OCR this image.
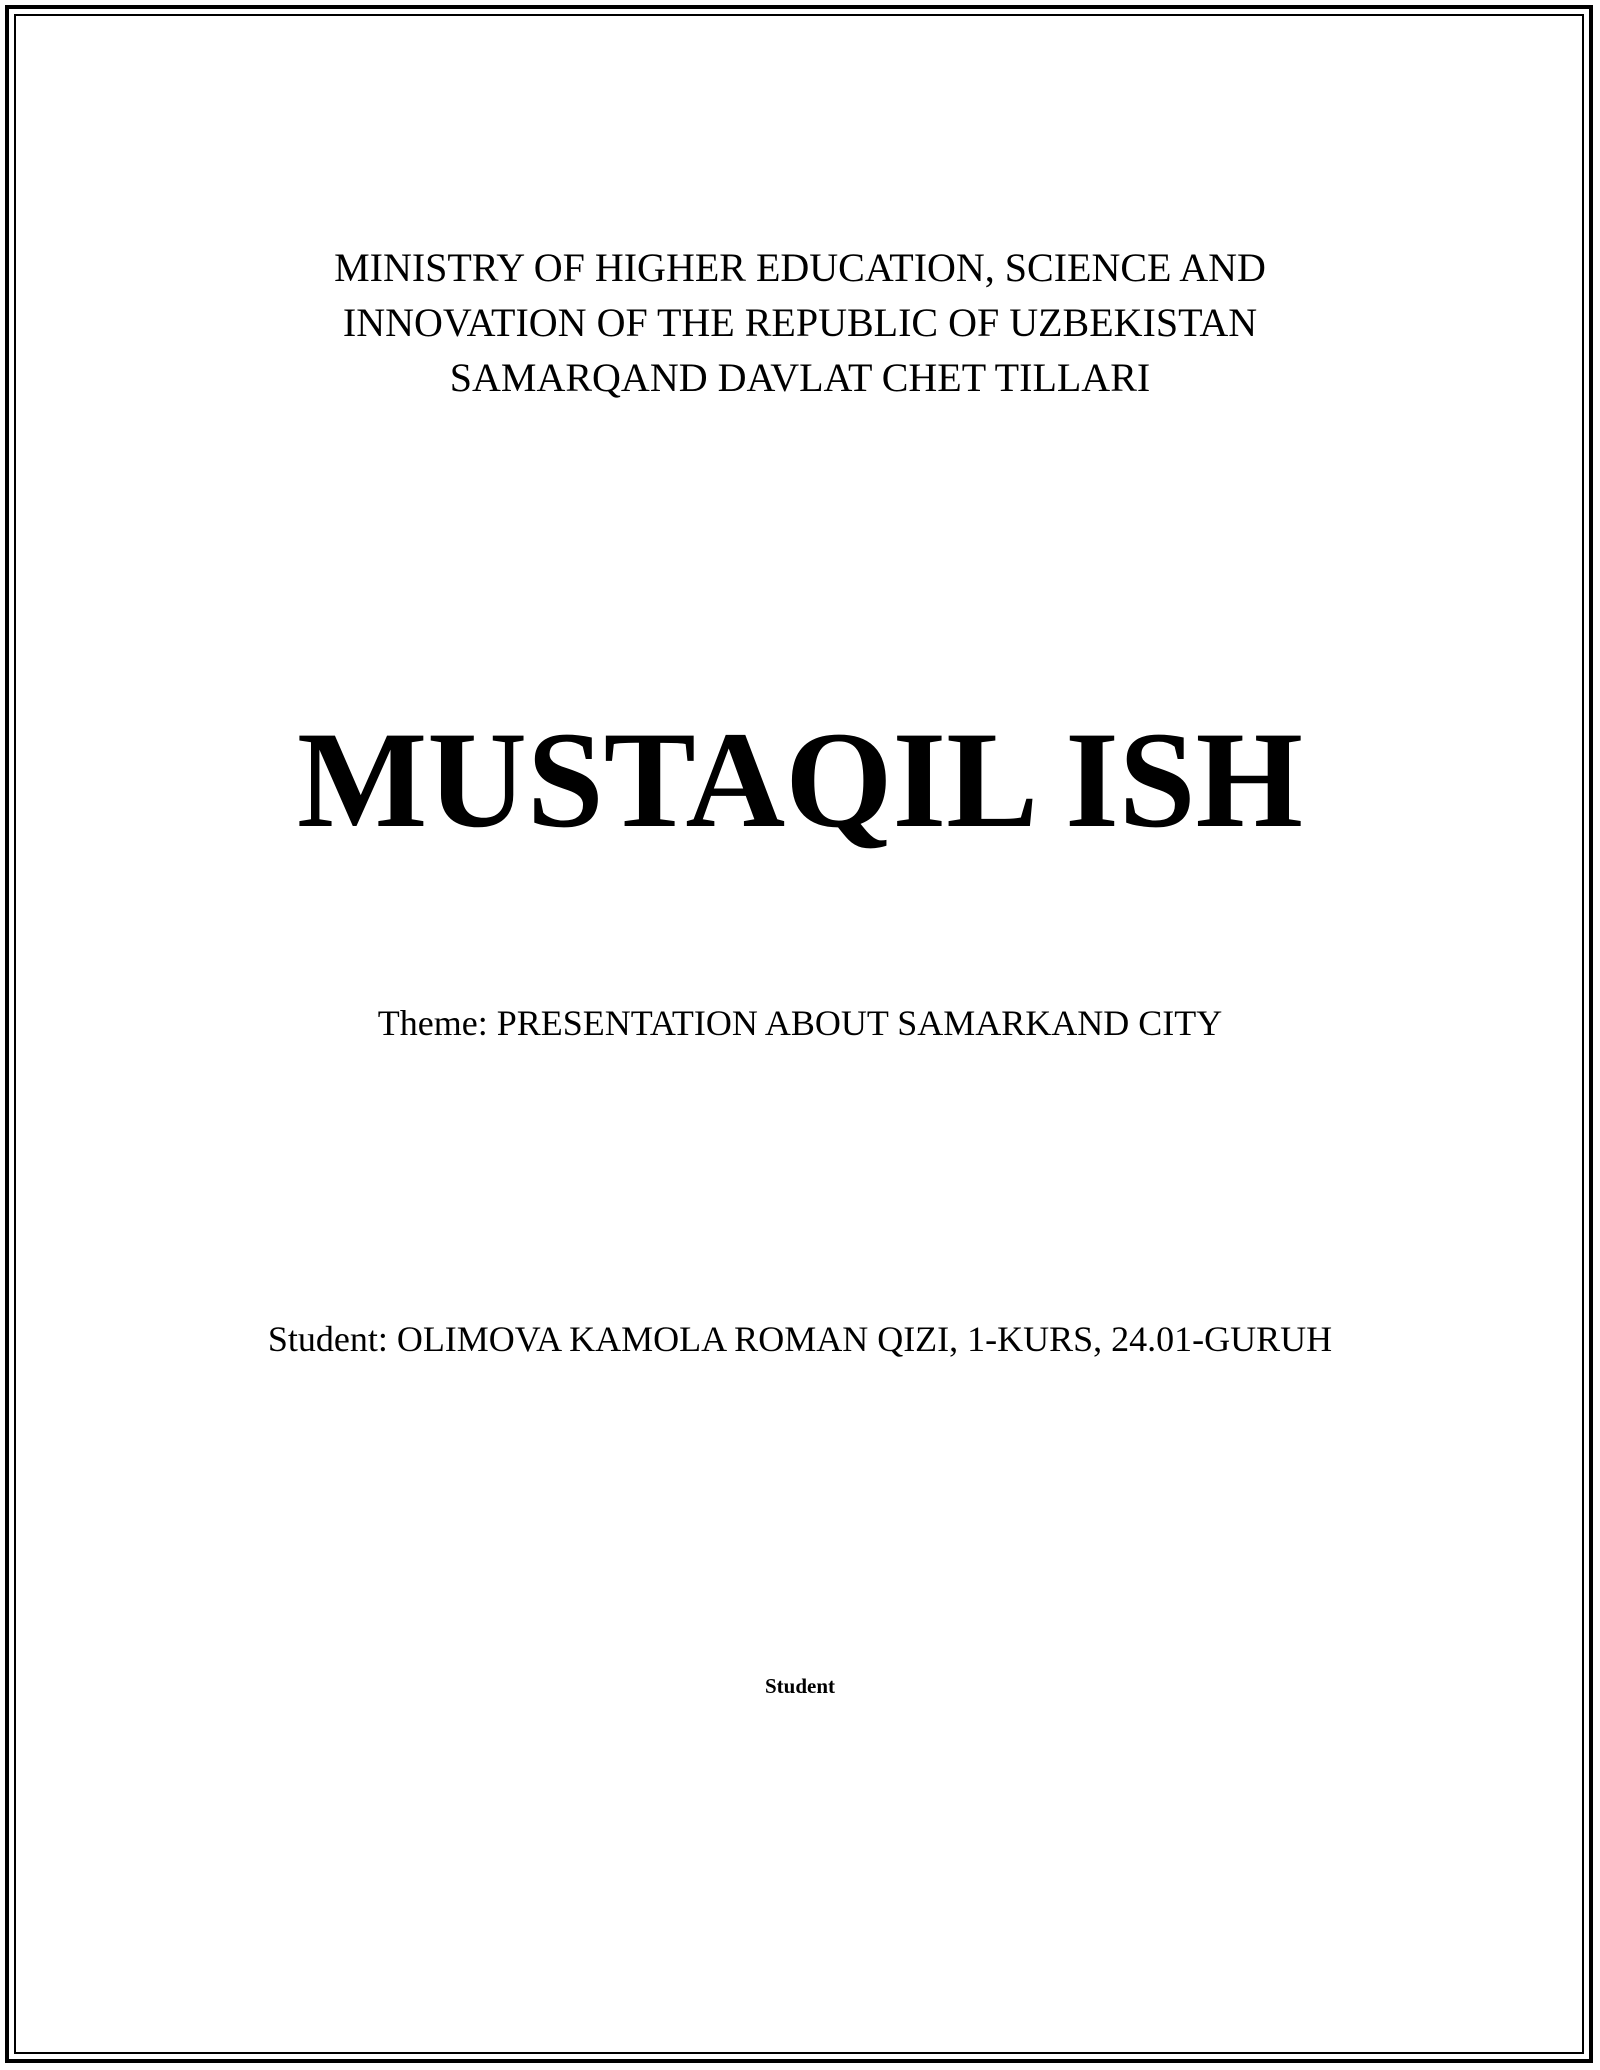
MINISTRY OF HIGHER EDUCATION, SCIENCE AND
INNOVATION OF THE REPUBLIC OF UZBEKISTAN
SAMARQAND DAVLAT CHET TILLARI
MUSTAQIL ISH
Theme: PRESENTATION ABOUT SAMARKAND CITY
Student: OLIMOVA KAMOLA ROMAN QIZI, 1-KURS, 24.01-GURUH
Student
